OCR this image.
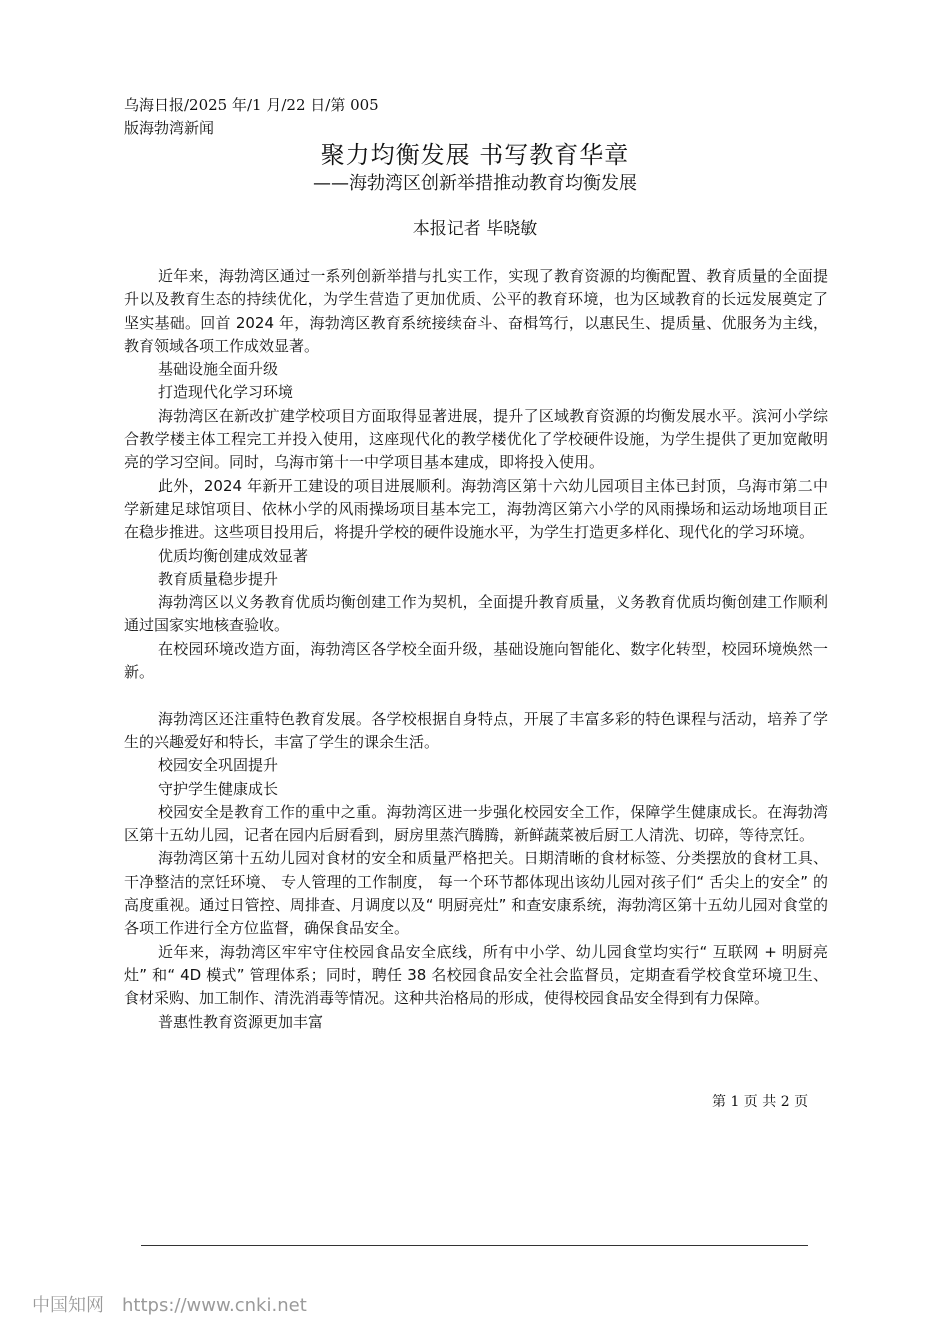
乌海日报/2025 年/1 月/22 日/第 005
版海勃湾新闻
聚力均衡发展 书写教育华章
——海勃湾区创新举措推动教育均衡发展
本报记者 毕晓敏

近年来，海勃湾区通过一系列创新举措与扎实工作，实现了教育资源的均衡配置、教育质量的全面提升以及教育生态的持续优化，为学生营造了更加优质、公平的教育环境，也为区域教育的长远发展奠定了坚实基础。回首 2024 年，海勃湾区教育系统接续奋斗、奋楫笃行，以惠民生、提质量、优服务为主线，教育领域各项工作成效显著。

基础设施全面升级

打造现代化学习环境

海勃湾区在新改扩建学校项目方面取得显著进展，提升了区域教育资源的均衡发展水平。滨河小学综合教学楼主体工程完工并投入使用，这座现代化的教学楼优化了学校硬件设施，为学生提供了更加宽敞明亮的学习空间。同时，乌海市第十一中学项目基本建成，即将投入使用。

此外，2024 年新开工建设的项目进展顺利。海勃湾区第十六幼儿园项目主体已封顶，乌海市第二中学新建足球馆项目、依林小学的风雨操场项目基本完工，海勃湾区第六小学的风雨操场和运动场地项目正在稳步推进。这些项目投用后，将提升学校的硬件设施水平，为学生打造更多样化、现代化的学习环境。

优质均衡创建成效显著

教育质量稳步提升

海勃湾区以义务教育优质均衡创建工作为契机，全面提升教育质量，义务教育优质均衡创建工作顺利通过国家实地核查验收。

在校园环境改造方面，海勃湾区各学校全面升级，基础设施向智能化、数字化转型，校园环境焕然一新。

海勃湾区还注重特色教育发展。各学校根据自身特点，开展了丰富多彩的特色课程与活动，培养了学生的兴趣爱好和特长，丰富了学生的课余生活。

校园安全巩固提升

守护学生健康成长

校园安全是教育工作的重中之重。海勃湾区进一步强化校园安全工作，保障学生健康成长。在海勃湾区第十五幼儿园，记者在园内后厨看到，厨房里蒸汽腾腾，新鲜蔬菜被后厨工人清洗、切碎，等待烹饪。

海勃湾区第十五幼儿园对食材的安全和质量严格把关。日期清晰的食材标签、分类摆放的食材工具、 干净整洁的烹饪环境、 专人管理的工作制度， 每一个环节都体现出该幼儿园对孩子们“ 舌尖上的安全” 的高度重视。通过日管控、周排查、月调度以及“ 明厨亮灶” 和查安康系统，海勃湾区第十五幼儿园对食堂的各项工作进行全方位监督，确保食品安全。

近年来，海勃湾区牢牢守住校园食品安全底线，所有中小学、幼儿园食堂均实行“ 互联网 + 明厨亮灶” 和“ 4D 模式” 管理体系；同时，聘任 38 名校园食品安全社会监督员，定期查看学校食堂环境卫生、食材采购、加工制作、清洗消毒等情况。这种共治格局的形成，使得校园食品安全得到有力保障。

普惠性教育资源更加丰富

第 1 页 共 2 页
中国知网 https://www.cnki.net
